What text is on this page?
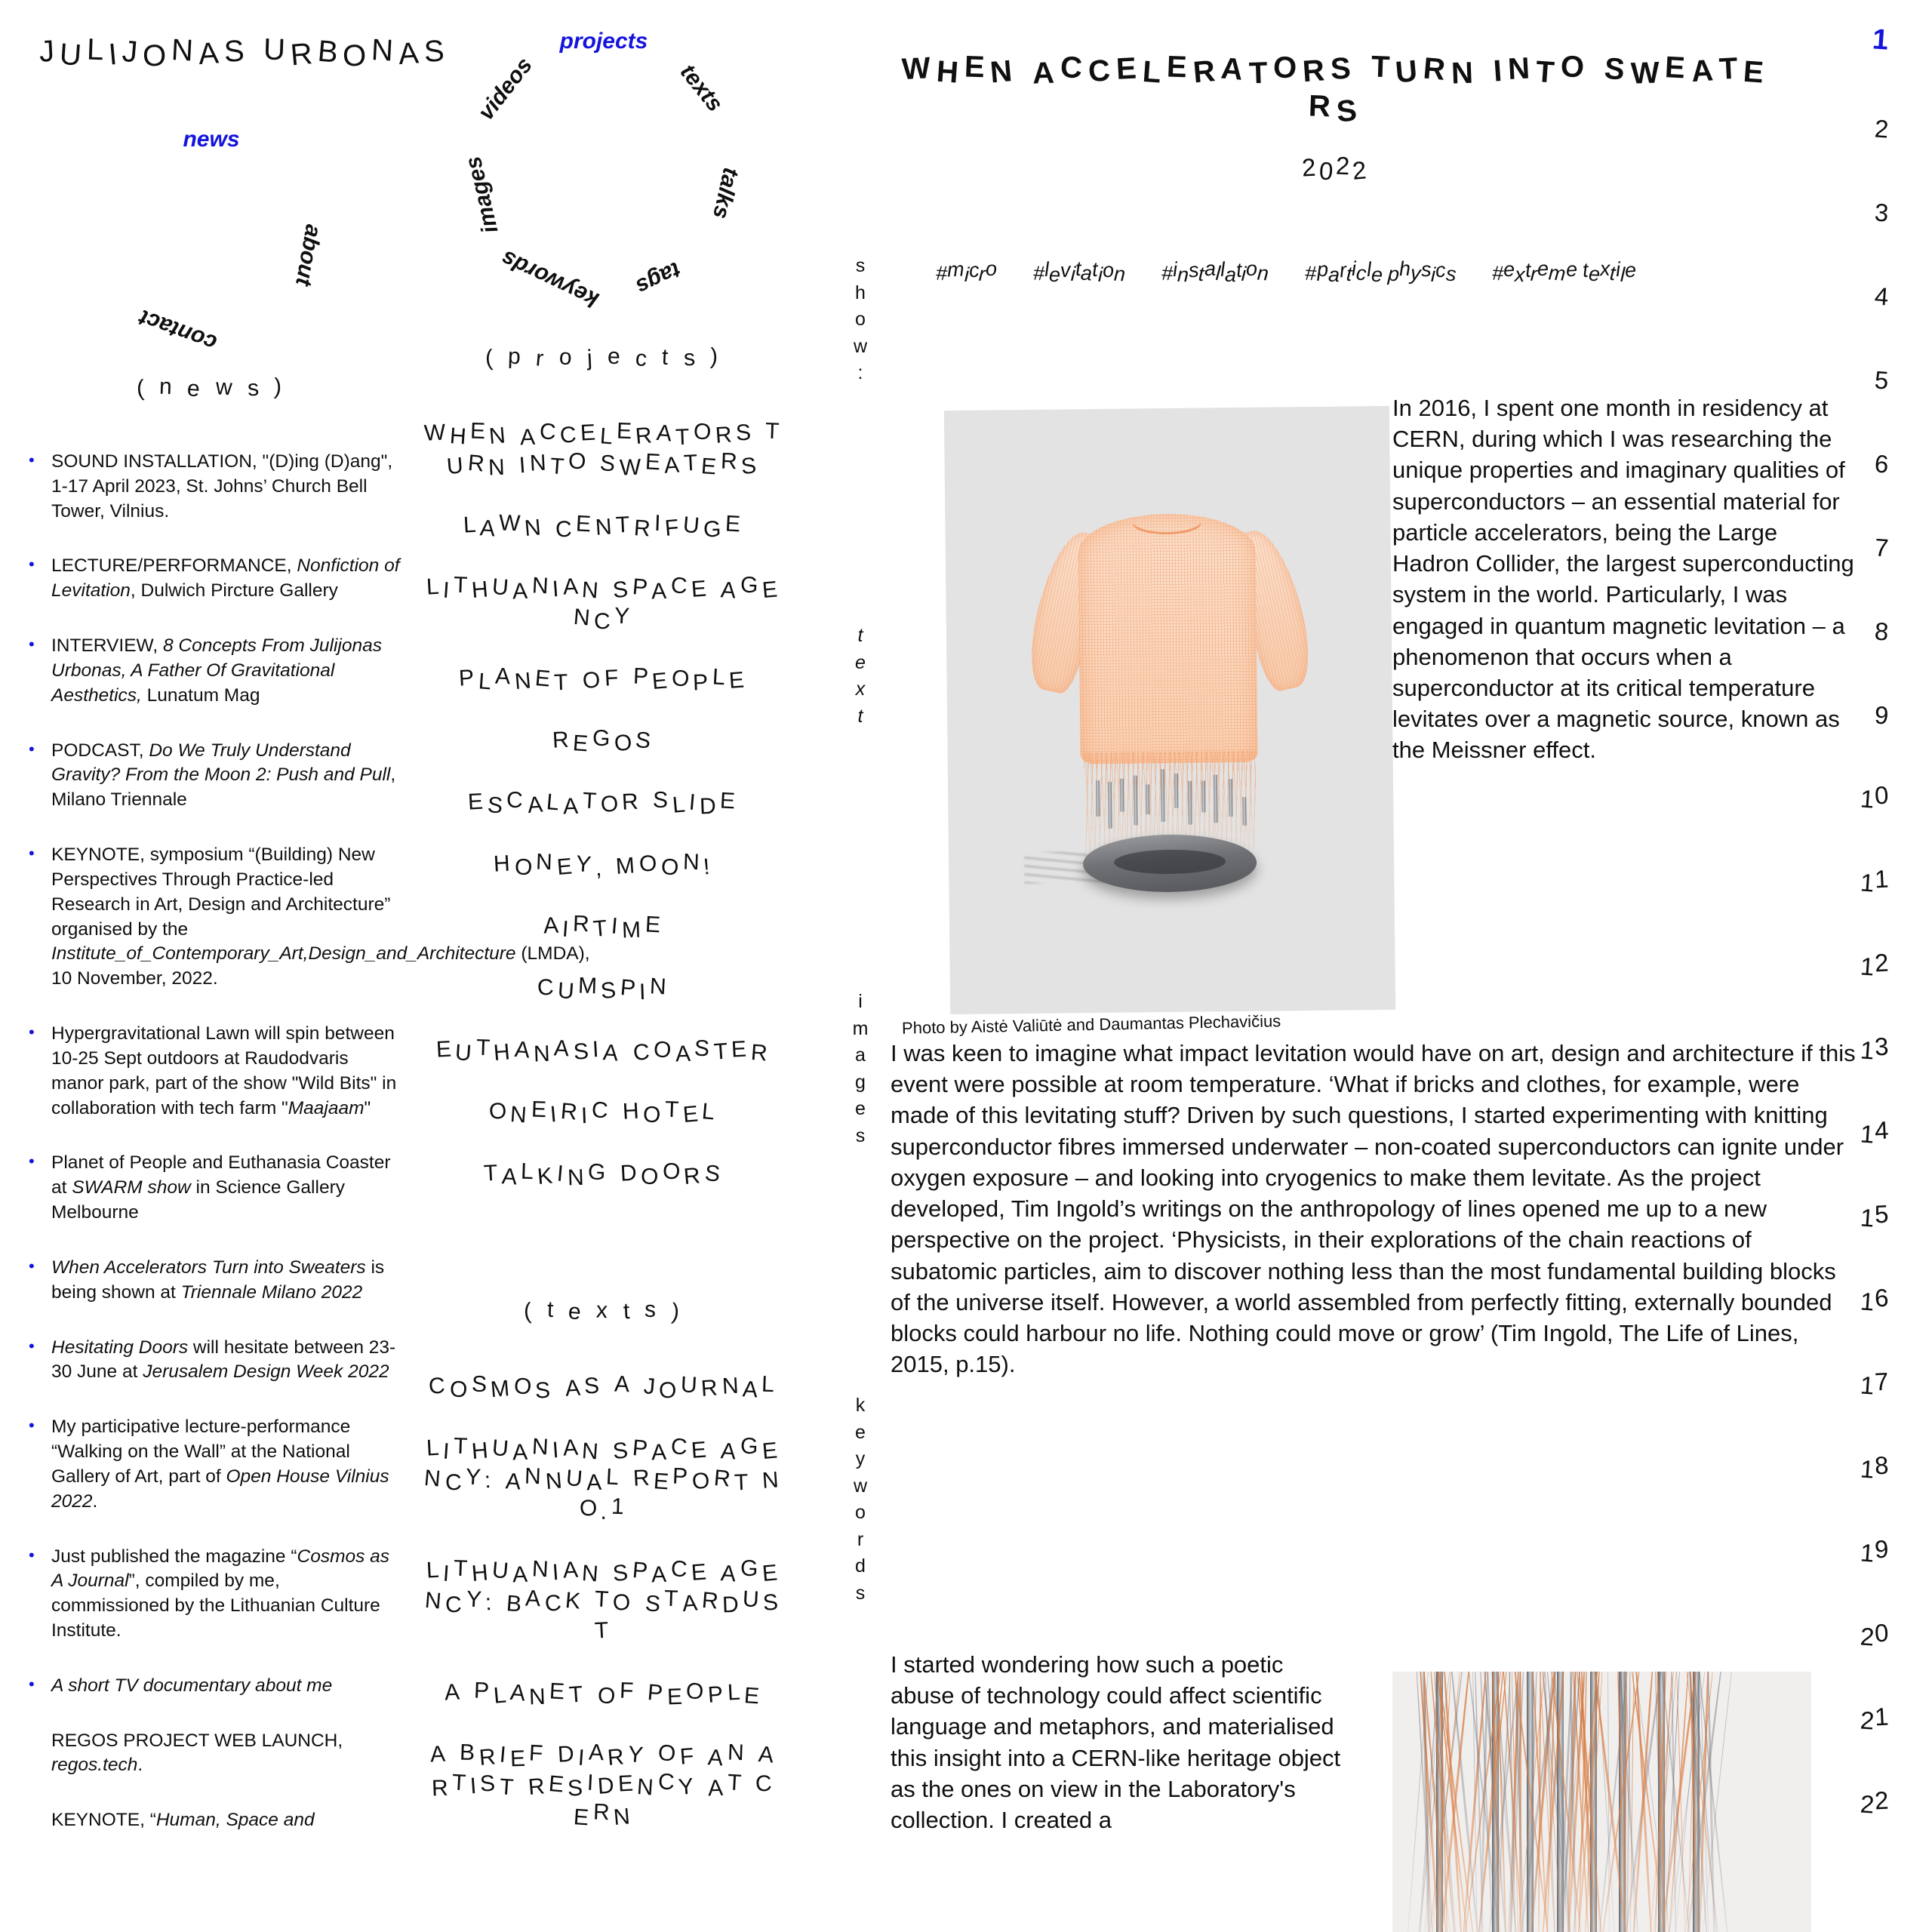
JULIJONAS URBONAS
news
about
contact
projects
texts
talks
tags
keywords
images
videos
( n e w s )
• SOUND INSTALLATION, "(D)ing (D)ang", 1-17 April 2023, St. Johns’ Church Bell Tower, Vilnius.
• LECTURE/PERFORMANCE, Nonfiction of Levitation, Dulwich Pircture Gallery
• INTERVIEW, 8 Concepts From Julijonas Urbonas, A Father Of Gravitational Aesthetics, Lunatum Mag
• PODCAST, Do We Truly Understand Gravity? From the Moon 2: Push and Pull, Milano Triennale
• KEYNOTE, symposium “(Building) New Perspectives Through Practice-led Research in Art, Design and Architecture” organised by the Institute_of_Contemporary_Art,Design_and_Architecture (LMDA), 10 November, 2022.
• Hypergravitational Lawn will spin between 10-25 Sept outdoors at Raudodvaris manor park, part of the show "Wild Bits" in collaboration with tech farm "Maajaam"
• Planet of People and Euthanasia Coaster at SWARM show in Science Gallery Melbourne
• When Accelerators Turn into Sweaters is being shown at Triennale Milano 2022
• Hesitating Doors will hesitate between 23-30 June at Jerusalem Design Week 2022
• My participative lecture-performance “Walking on the Wall” at the National Gallery of Art, part of Open House Vilnius 2022.
• Just published the magazine “Cosmos as A Journal”, compiled by me, commissioned by the Lithuanian Culture Institute.
• A short TV documentary about me
REGOS PROJECT WEB LAUNCH, regos.tech.
KEYNOTE, “Human, Space and
( p r o j e c t s )
WHEN ACCELERATORS TURN INTO SWEATERS
LAWN CENTRIFUGE
LITHUANIAN SPACE AGENCY
PLANET OF PEOPLE
REGOS
ESCALATOR SLIDE
HONEY, MOON!
AIRTIME
CUMSPIN
EUTHANASIA COASTER
ONEIRIC HOTEL
TALKING DOORS
( t e x t s )
COSMOS AS A JOURNAL
LITHUANIAN SPACE AGENCY: ANNUAL REPORT NO.1
LITHUANIAN SPACE AGENCY: BACK TO STARDUST
A PLANET OF PEOPLE
A BRIEF DIARY OF AN ARTIST RESIDENCY AT CERN
WHEN ACCELERATORS TURN INTO SWEATERS
2022
1
#micro #levitation #installation #particle physics #extreme textile
s
h
o
w
:
t
e
x
t
i
m
a
g
e
s
k
e
y
w
o
r
d
s
2
3
4
5
6
7
8
9
10
11
12
13
14
15
16
17
18
19
20
21
22
Photo by Aistė Valiūtė and Daumantas Plechavičius

In 2016, I spent one month in residency at CERN, during which I was researching the unique properties and imaginary qualities of superconductors – an essential material for particle accelerators, being the Large Hadron Collider, the largest superconducting system in the world. Particularly, I was engaged in quantum magnetic levitation – a phenomenon that occurs when a superconductor at its critical temperature levitates over a magnetic source, known as the Meissner effect.

I was keen to imagine what impact levitation would have on art, design and architecture if this event were possible at room temperature. ‘What if bricks and clothes, for example, were made of this levitating stuff? Driven by such questions, I started experimenting with knitting superconductor fibres immersed underwater – non-coated superconductors can ignite under oxygen exposure – and looking into cryogenics to make them levitate. As the project developed, Tim Ingold’s writings on the anthropology of lines opened me up to a new perspective on the project. ‘Physicists, in their explorations of the chain reactions of subatomic particles, aim to discover nothing less than the most fundamental building blocks of the universe itself. However, a world assembled from perfectly fitting, externally bounded blocks could harbour no life. Nothing could move or grow’ (Tim Ingold, The Life of Lines, 2015, p.15).

I started wondering how such a poetic abuse of technology could affect scientific language and metaphors, and materialised this insight into a CERN-like heritage object as the ones on view in the Laboratory's collection. I created a
